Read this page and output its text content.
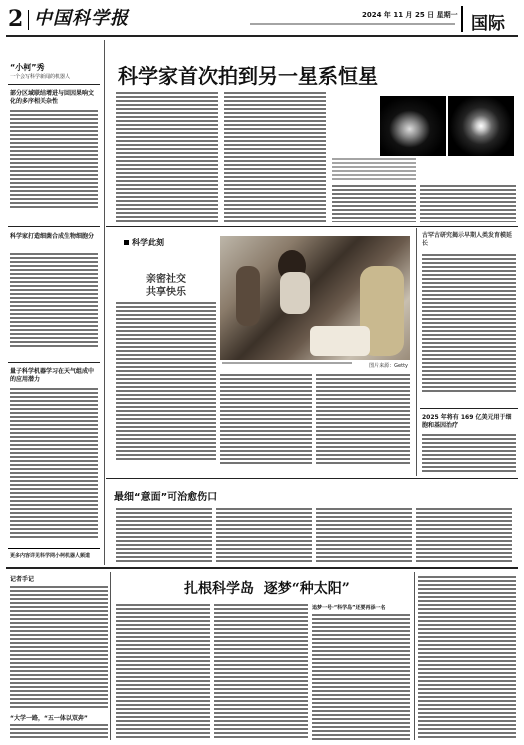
2 中国科学报	2024 年 11 月 25 日 星期一 国际
“小柯”秀
一个会写科学新闻的机器人
部分区域联结增进与回因果响文化的多序相关杂性
科学家打造细菌合成生物细胞分
量子科学机器学习在天气组成中的应用潜力
更多内容详见科学网小柯机器人频道
科学家首次拍到另一星系恒星
科学此刻
亲密社交
共享快乐
图片来源：Getty
古罕古研究揭示早期人类发育模延长
2025 年将有 169 亿美元用于细胞和基因治疗
最细“意面”可治愈伤口
记者手记
“大学一路，“五一体以双奔”
扎根科学岛  逐梦“种太阳”
追梦一号·“科学岛”还要再添一名
